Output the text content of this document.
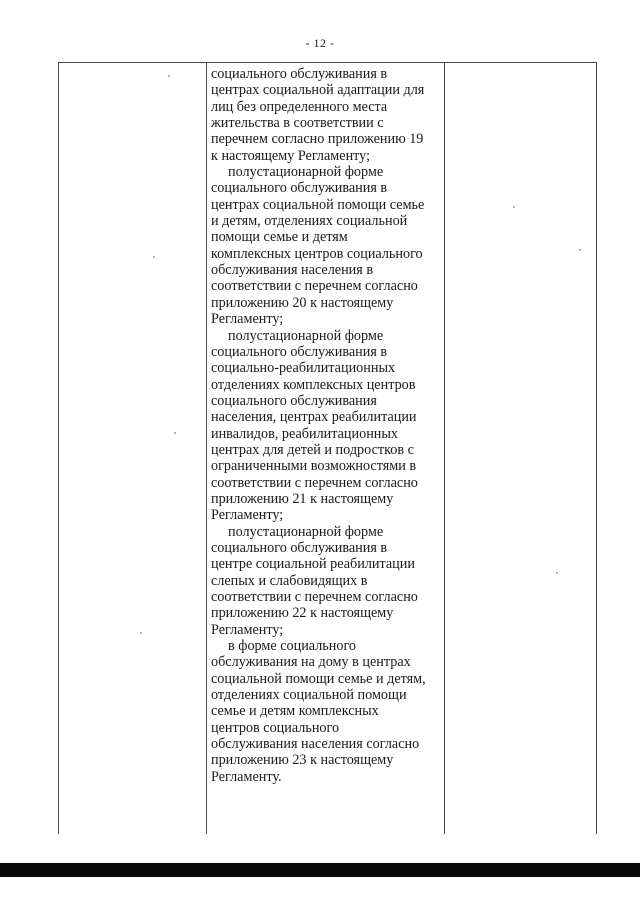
- 12 -

социального обслуживания в
центрах социальной адаптации для
лиц без определенного места
жительства в соответствии с
перечнем согласно приложению 19
к настоящему Регламенту;

полустационарной форме
социального обслуживания в
центрах социальной помощи семье
и детям, отделениях социальной
помощи семье и детям
комплексных центров социального
обслуживания населения в
соответствии с перечнем согласно
приложению 20 к настоящему
Регламенту;

полустационарной форме
социального обслуживания в
социально-реабилитационных
отделениях комплексных центров
социального обслуживания
населения, центрах реабилитации
инвалидов, реабилитационных
центрах для детей и подростков с
ограниченными возможностями в
соответствии с перечнем согласно
приложению 21 к настоящему
Регламенту;

полустационарной форме
социального обслуживания в
центре социальной реабилитации
слепых и слабовидящих в
соответствии с перечнем согласно
приложению 22 к настоящему
Регламенту;

в форме социального
обслуживания на дому в центрах
социальной помощи семье и детям,
отделениях социальной помощи
семье и детям комплексных
центров социального
обслуживания населения согласно
приложению 23 к настоящему
Регламенту.
